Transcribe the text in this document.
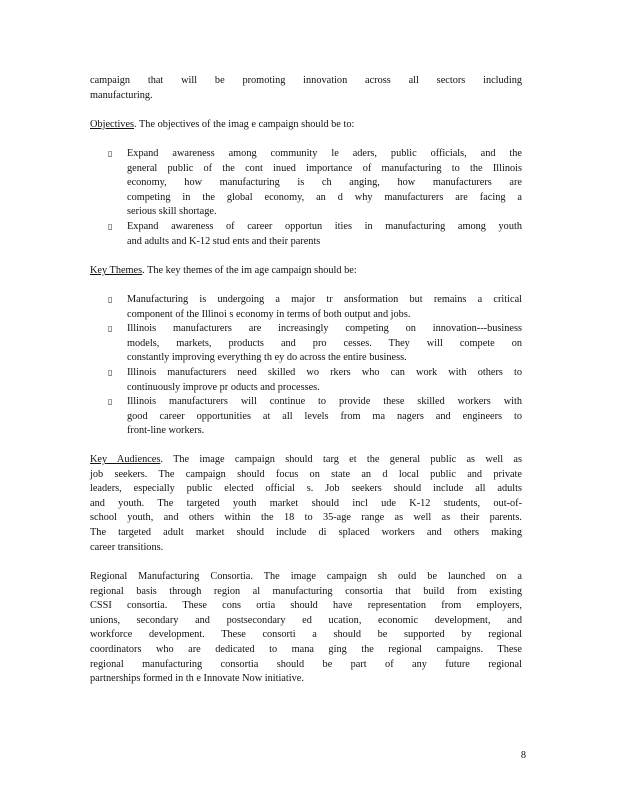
campaign that will be promoting innovation across all sectors including
manufacturing.
Objectives. The objectives of the imag e campaign should be to:
▯ Expand awareness among community le aders, public officials, and the
general public of the cont inued importance of manufacturing to the Illinois
economy, how manufacturing is ch anging, how manufacturers are
competing in the global economy, an d why manufacturers are facing a
serious skill shortage.
▯ Expand awareness of career opportun ities in manufacturing among youth
and adults and K-12 stud ents and their parents
Key Themes. The key themes of the im age campaign should be:
▯ Manufacturing is undergoing a major tr ansformation but remains a critical
component of the Illinoi s economy in terms of both output and jobs.
▯ Illinois manufacturers are increasingly competing on innovation---business
models, markets, products and pro cesses. They will compete on
constantly improving everything th ey do across the entire business.
▯ Illinois manufacturers need skilled wo rkers who can work with others to
continuously improve pr oducts and processes.
▯ Illinois manufacturers will continue to provide these skilled workers with
good career opportunities at all levels from ma nagers and engineers to
front-line workers.
Key Audiences. The image campaign should targ et the general public as well as
job seekers. The campaign should focus on state an d local public and private
leaders, especially public elected official s. Job seekers should include all adults
and youth. The targeted youth market should incl ude K-12 students, out-of-
school youth, and others within the 18 to 35-age range as well as their parents.
The targeted adult market should include di splaced workers and others making
career transitions.
Regional Manufacturing Consortia. The image campaign sh ould be launched on a
regional basis through region al manufacturing consortia that build from existing
CSSI consortia. These cons ortia should have representation from employers,
unions, secondary and postsecondary ed ucation, economic development, and
workforce development. These consorti a should be supported by regional
coordinators who are dedicated to mana ging the regional campaigns. These
regional manufacturing consortia should be part of any future regional
partnerships formed in th e Innovate Now initiative.
8
